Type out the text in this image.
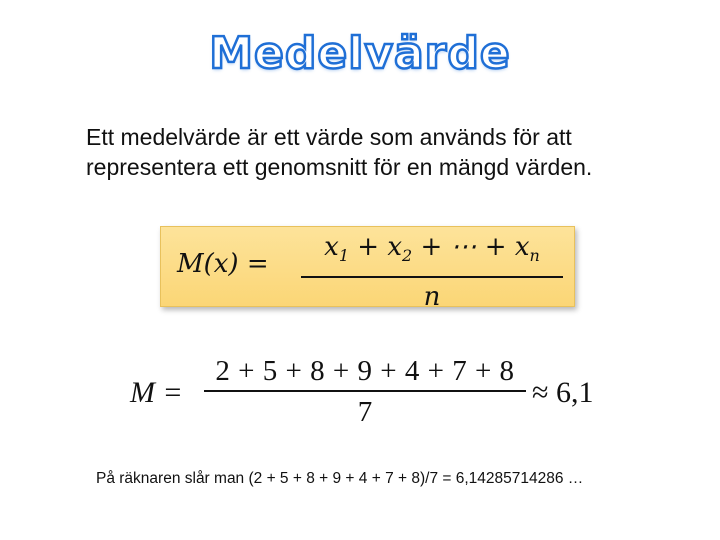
Medelvärde
Ett medelvärde är ett värde som används för att
representera ett genomsnitt för en mängd värden.
M(x) =
$x_1 + x_2$ + ⋯ + $x_n$
n
M =
2 + 5 + 8 + 9 + 4 + 7 + 8
7
≈ 6,1
På räknaren slår man (2 + 5 + 8 + 9 + 4 + 7 + 8)/7 = 6,14285714286 …
